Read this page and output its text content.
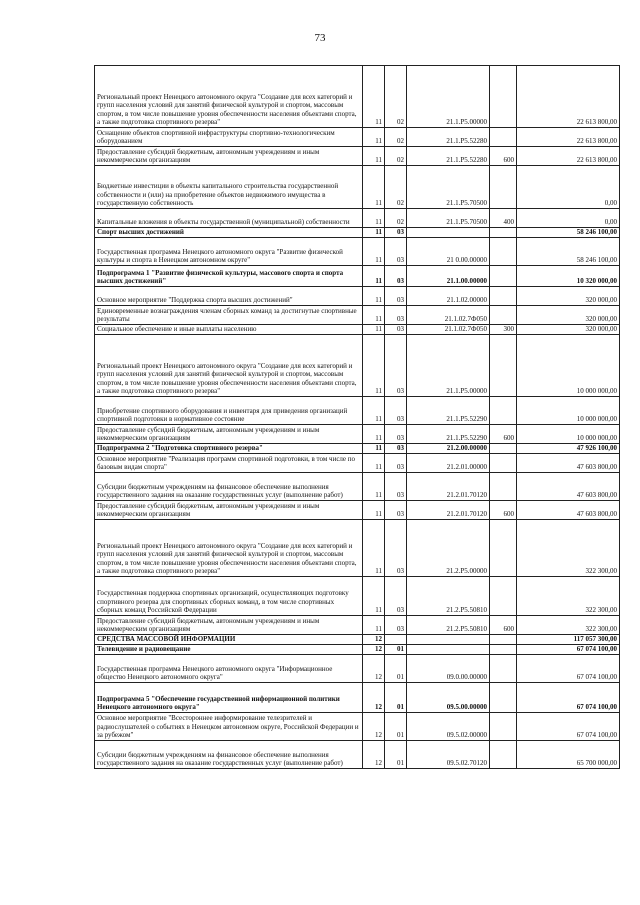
73
Региональный проект Ненецкого автономного округа "Создание для всех категорий и групп населения условий для занятий физической культурой и спортом, массовым спортом, в том числе повышение уровня обеспеченности населения объектами спорта, а также подготовка спортивного резерва"	11	02	21.1.P5.00000		22 613 800,00
Оснащение объектов спортивной инфраструктуры спортивно-технологическим оборудованием	11	02	21.1.P5.52280		22 613 800,00
Предоставление субсидий бюджетным, автономным учреждениям и иным некоммерческим организациям	11	02	21.1.P5.52280	600	22 613 800,00
Бюджетные инвестиции в объекты капитального строительства государственной собственности и (или) на приобретение объектов недвижимого имущества в государственную собственность	11	02	21.1.P5.70500		0,00
Капитальные вложения в объекты государственной (муниципальной) собственности	11	02	21.1.P5.70500	400	0,00
Спорт высших достижений	11	03			58 246 100,00
Государственная программа Ненецкого автономного округа "Развитие физической культуры и спорта в Ненецком автономном округе"	11	03	21 0.00.00000		58 246 100,00
Подпрограмма 1 "Развитие физической культуры, массового спорта и спорта высших достижений"	11	03	21.1.00.00000		10 320 000,00
Основное мероприятие "Поддержка спорта высших достижений"	11	03	21.1.02.00000		320 000,00
Единовременные вознаграждения членам сборных команд за достигнутые спортивные результаты	11	03	21.1.02.7Ф050		320 000,00
Социальное обеспечение и иные выплаты населению	11	03	21.1.02.7Ф050	300	320 000,00
Региональный проект Ненецкого автономного округа "Создание для всех категорий и групп населения условий для занятий физической культурой и спортом, массовым спортом, в том числе повышение уровня обеспеченности населения объектами спорта, а также подготовка спортивного резерва"	11	03	21.1.P5.00000		10 000 000,00
Приобретение спортивного оборудования и инвентаря для приведения организаций спортивной подготовки в нормативное состояние	11	03	21.1.P5.52290		10 000 000,00
Предоставление субсидий бюджетным, автономным учреждениям и иным некоммерческим организациям	11	03	21.1.P5.52290	600	10 000 000,00
Подпрограмма 2 "Подготовка спортивного резерва"	11	03	21.2.00.00000		47 926 100,00
Основное мероприятие "Реализация программ спортивной подготовки, в том числе по базовым видам спорта"	11	03	21.2.01.00000		47 603 800,00
Субсидии бюджетным учреждениям на финансовое обеспечение выполнения государственного задания на оказание государственных услуг (выполнение работ)	11	03	21.2.01.70120		47 603 800,00
Предоставление субсидий бюджетным, автономным учреждениям и иным некоммерческим организациям	11	03	21.2.01.70120	600	47 603 800,00
Региональный проект Ненецкого автономного округа "Создание для всех категорий и групп населения условий для занятий физической культурой и спортом, массовым спортом, в том числе повышение уровня обеспеченности населения объектами спорта, а также подготовка спортивного резерва"	11	03	21.2.P5.00000		322 300,00
Государственная поддержка спортивных организаций, осуществляющих подготовку спортивного резерва для спортивных сборных команд, в том числе спортивных сборных команд Российской Федерации	11	03	21.2.P5.50810		322 300,00
Предоставление субсидий бюджетным, автономным учреждениям и иным некоммерческим организациям	11	03	21.2.P5.50810	600	322 300,00
СРЕДСТВА МАССОВОЙ ИНФОРМАЦИИ	12				117 057 300,00
Телевидение и радиовещание	12	01			67 074 100,00
Государственная программа Ненецкого автономного округа "Информационное общество Ненецкого автономного округа"	12	01	09.0.00.00000		67 074 100,00
Подпрограмма 5 "Обеспечение государственной информационной политики Ненецкого автономного округа"	12	01	09.5.00.00000		67 074 100,00
Основное мероприятие "Всестороннее информирование телезрителей и радиослушателей о событиях в Ненецком автономном округе, Российской Федерации и за рубежом"	12	01	09.5.02.00000		67 074 100,00
Субсидии бюджетным учреждениям на финансовое обеспечение выполнения государственного задания на оказание государственных услуг (выполнение работ)	12	01	09.5.02.70120		65 700 000,00
